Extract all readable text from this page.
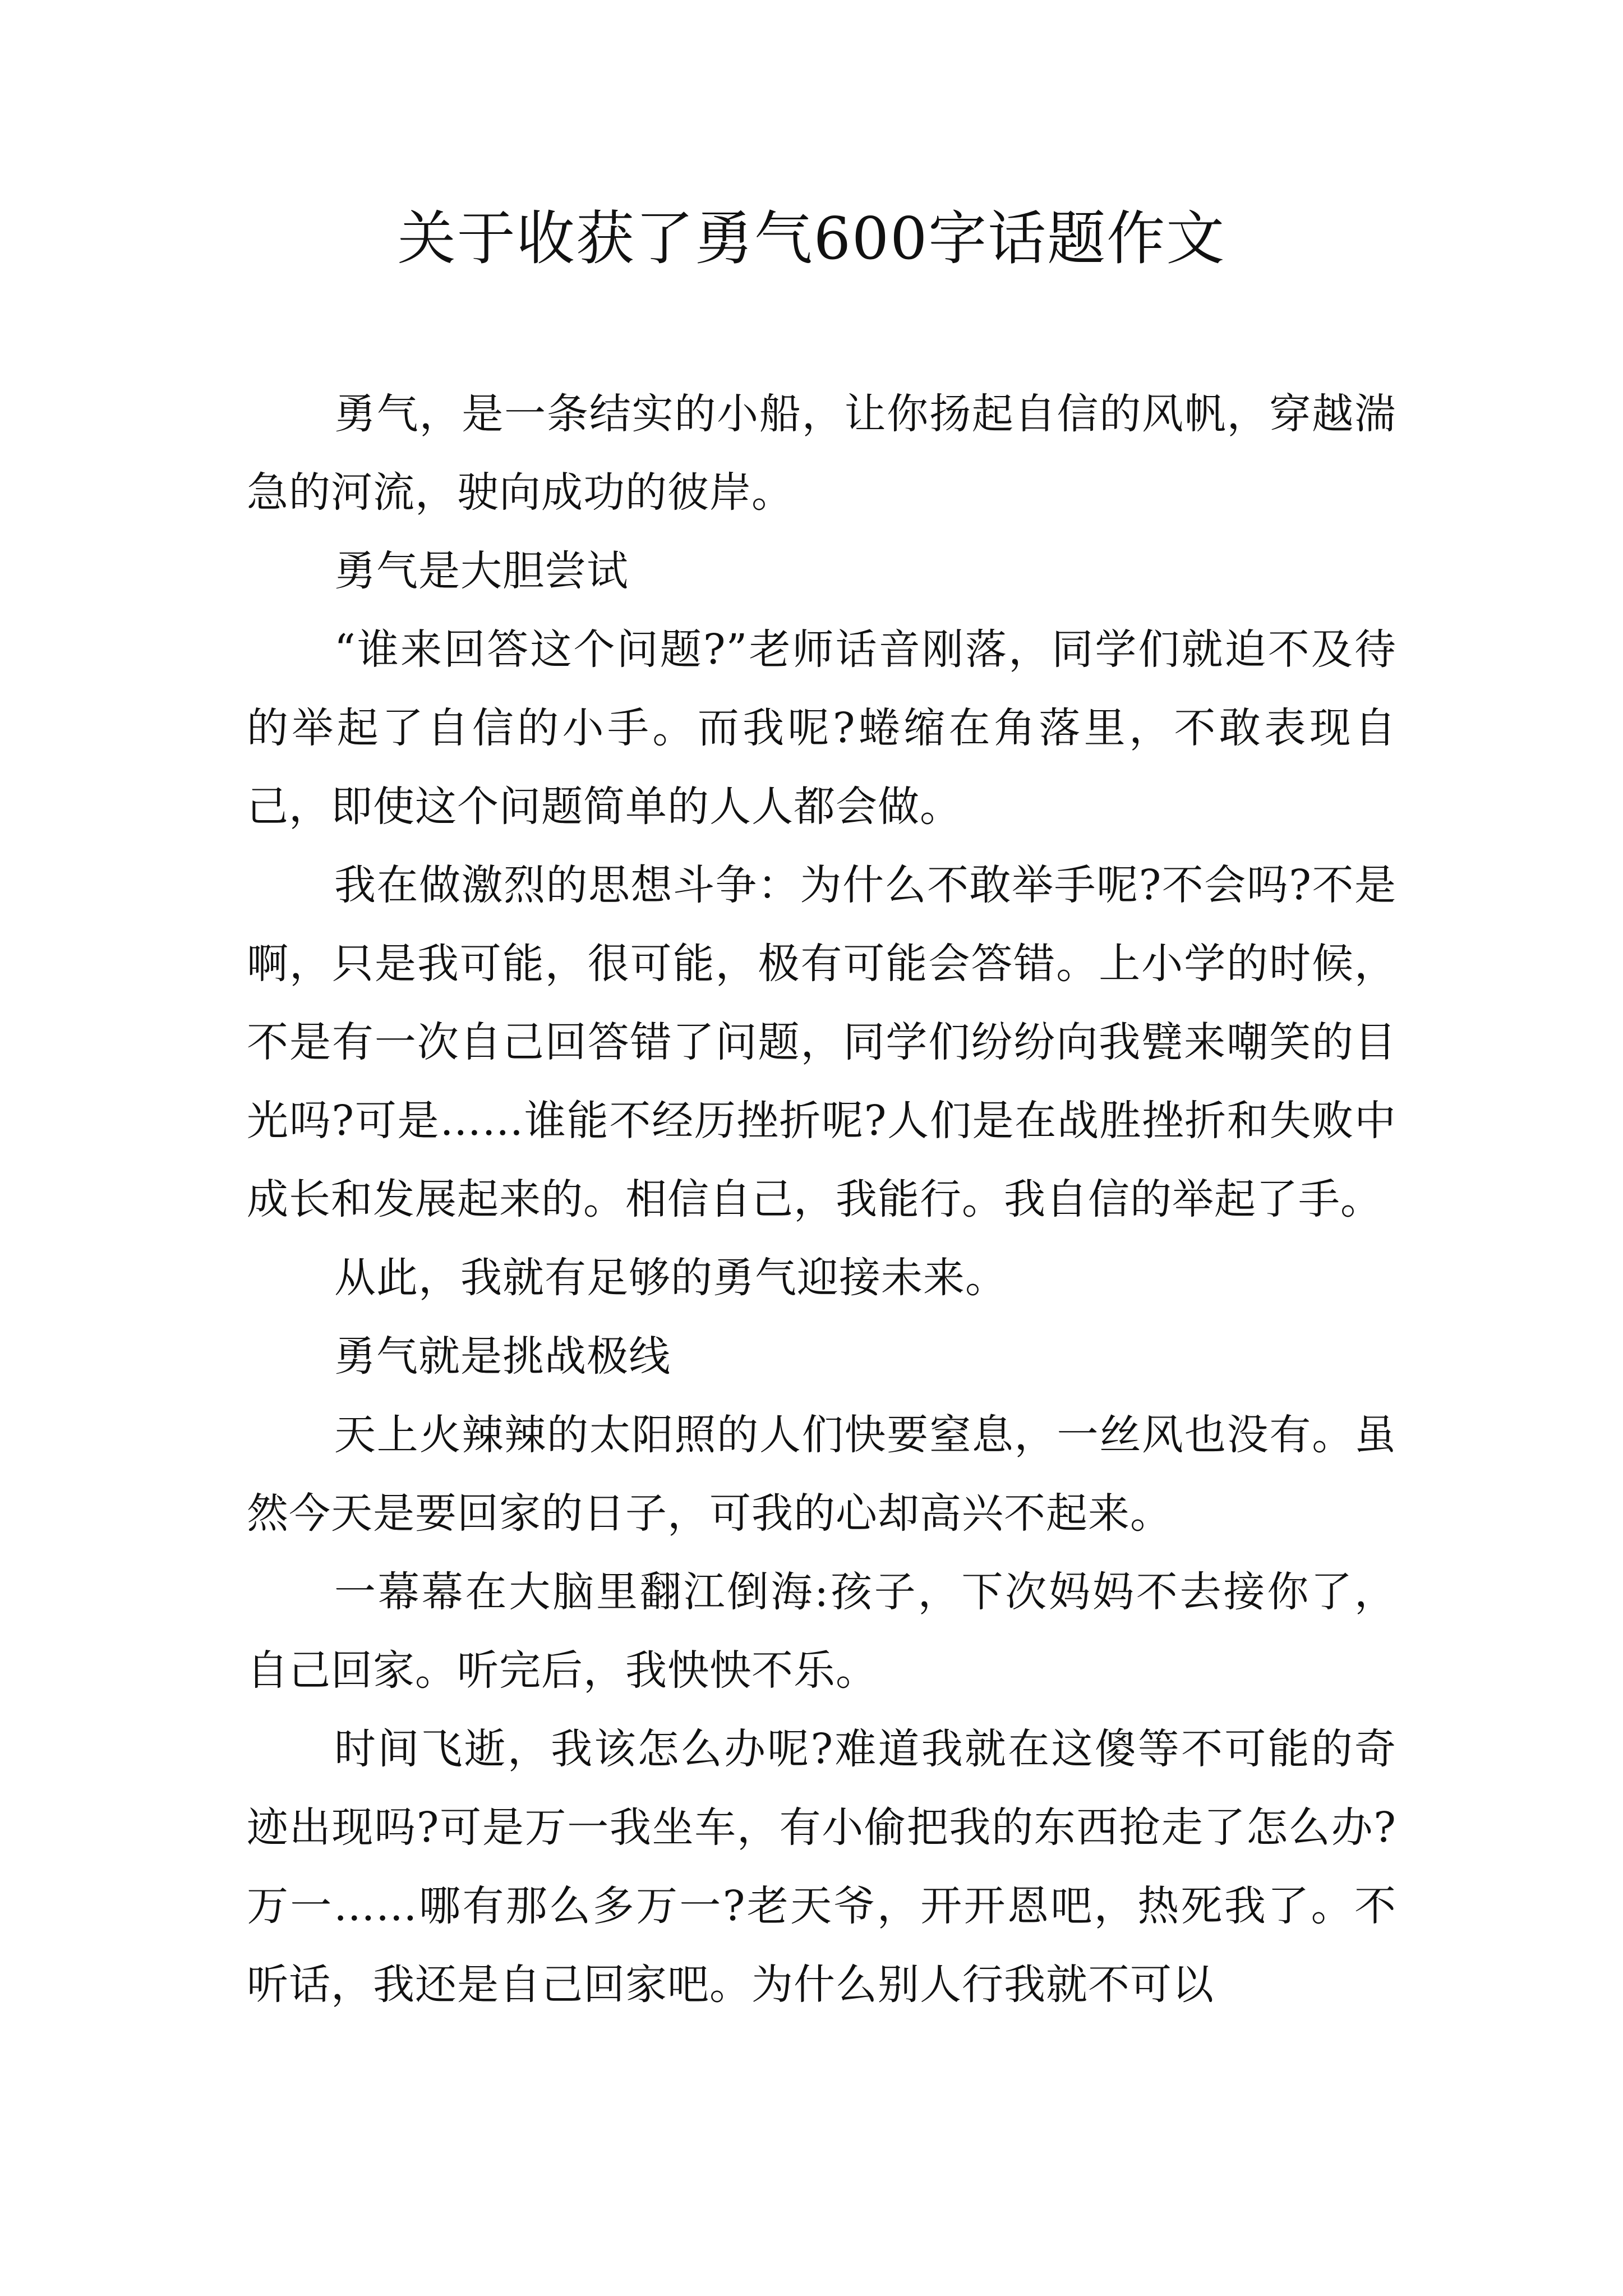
关于收获了勇气600字话题作文

勇气，是一条结实的小船，让你扬起自信的风帆，穿越湍急的河流，驶向成功的彼岸。

勇气是大胆尝试

“谁来回答这个问题?”老师话音刚落，同学们就迫不及待的举起了自信的小手。而我呢?蜷缩在角落里，不敢表现自己，即使这个问题简单的人人都会做。

我在做激烈的思想斗争：为什么不敢举手呢?不会吗?不是啊，只是我可能，很可能，极有可能会答错。上小学的时候，不是有一次自己回答错了问题，同学们纷纷向我甓来嘲笑的目光吗?可是……谁能不经历挫折呢?人们是在战胜挫折和失败中成长和发展起来的。相信自己，我能行。我自信的举起了手。

从此，我就有足够的勇气迎接未来。

勇气就是挑战极线

天上火辣辣的太阳照的人们快要窒息，一丝风也没有。虽然今天是要回家的日子，可我的心却高兴不起来。

一幕幕在大脑里翻江倒海:孩子，下次妈妈不去接你了，自己回家。听完后，我怏怏不乐。

时间飞逝，我该怎么办呢?难道我就在这傻等不可能的奇迹出现吗?可是万一我坐车，有小偷把我的东西抢走了怎么办?万一……哪有那么多万一?老天爷，开开恩吧，热死我了。不听话，我还是自己回家吧。为什么别人行我就不可以
